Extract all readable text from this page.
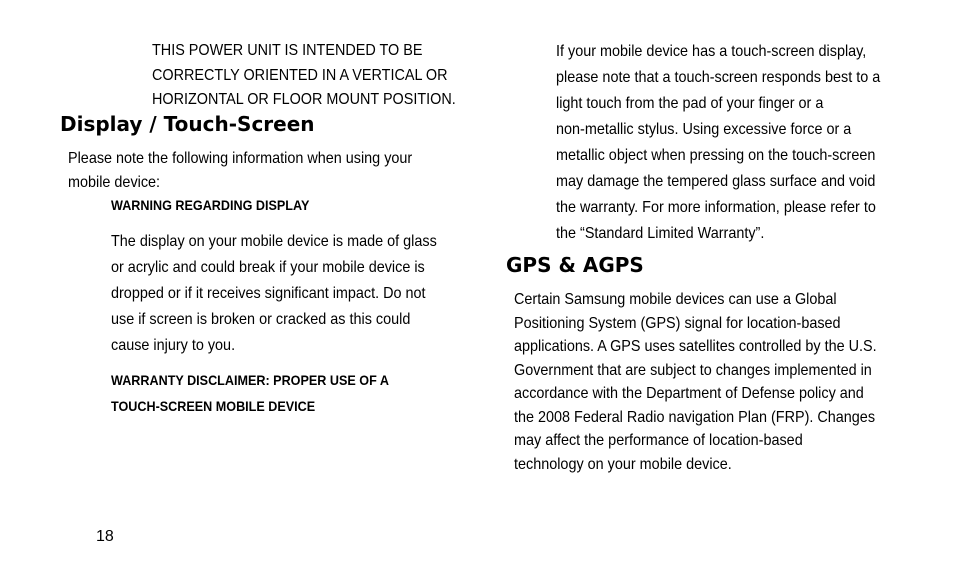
THIS POWER UNIT IS INTENDED TO BE
CORRECTLY ORIENTED IN A VERTICAL OR
HORIZONTAL OR FLOOR MOUNT POSITION.
Display / Touch-Screen
Please note the following information when using your
mobile device:
WARNING REGARDING DISPLAY
The display on your mobile device is made of glass
or acrylic and could break if your mobile device is
dropped or if it receives significant impact. Do not
use if screen is broken or cracked as this could
cause injury to you.
WARRANTY DISCLAIMER: PROPER USE OF A
TOUCH-SCREEN MOBILE DEVICE
If your mobile device has a touch-screen display,
please note that a touch-screen responds best to a
light touch from the pad of your finger or a
non-metallic stylus. Using excessive force or a
metallic object when pressing on the touch-screen
may damage the tempered glass surface and void
the warranty. For more information, please refer to
the “Standard Limited Warranty”.
GPS & AGPS
Certain Samsung mobile devices can use a Global
Positioning System (GPS) signal for location-based
applications. A GPS uses satellites controlled by the U.S.
Government that are subject to changes implemented in
accordance with the Department of Defense policy and
the 2008 Federal Radio navigation Plan (FRP). Changes
may affect the performance of location-based
technology on your mobile device.
18
